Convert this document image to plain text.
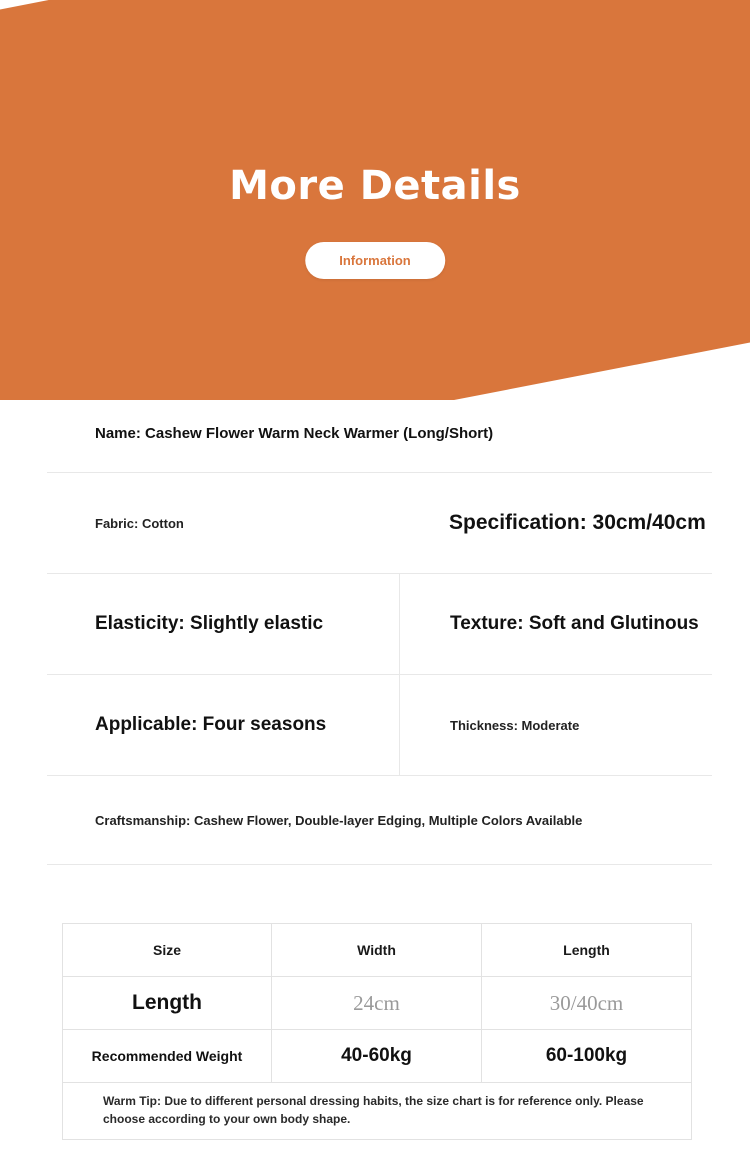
More Details
Information
Name: Cashew Flower Warm Neck Warmer (Long/Short)
Fabric: Cotton	Specification: 30cm/40cm
Elasticity: Slightly elastic	Texture: Soft and Glutinous
Applicable: Four seasons	Thickness: Moderate
Craftsmanship: Cashew Flower, Double-layer Edging, Multiple Colors Available
Size	Width	Length
Length	24cm	30/40cm
Recommended Weight	40-60kg	60-100kg
Warm Tip: Due to different personal dressing habits, the size chart is for reference only. Please choose according to your own body shape.		
